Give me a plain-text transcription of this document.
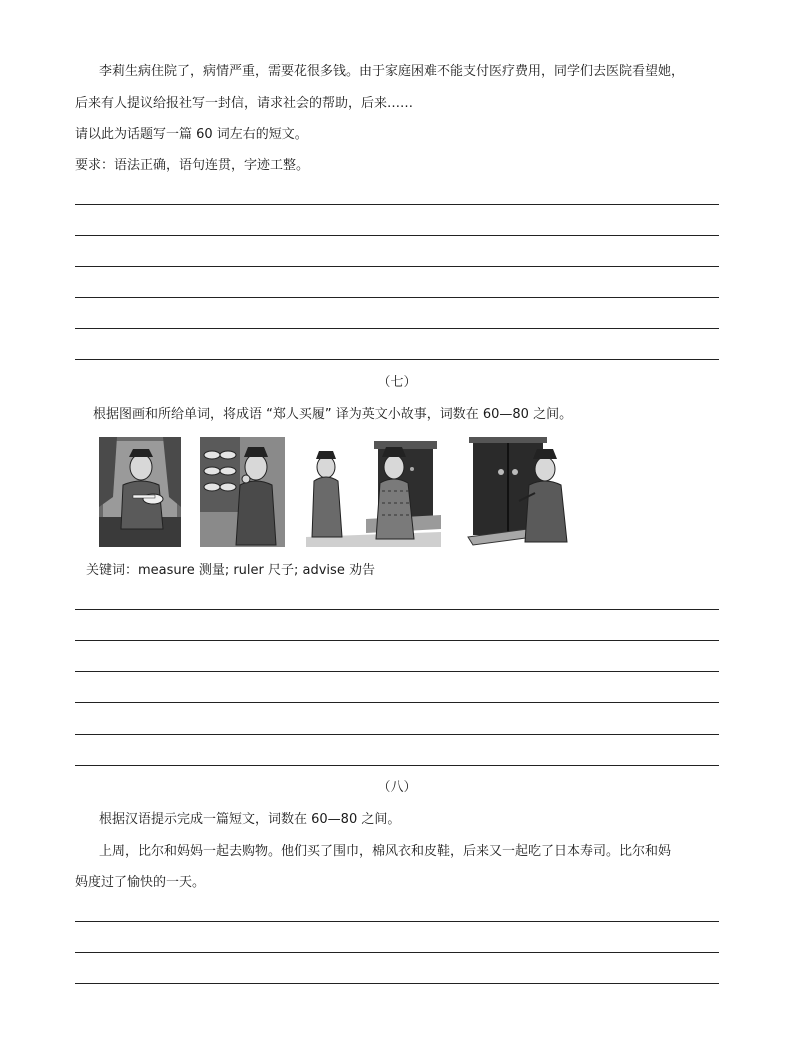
李莉生病住院了，病情严重，需要花很多钱。由于家庭困难不能支付医疗费用，同学们去医院看望她，
后来有人提议给报社写一封信，请求社会的帮助，后来……
请以此为话题写一篇 60 词左右的短文。
要求：语法正确，语句连贯，字迹工整。
（七）
根据图画和所给单词，将成语 “郑人买履” 译为英文小故事，词数在 60—80 之间。
关键词：measure 测量; ruler 尺子; advise 劝告
（八）
根据汉语提示完成一篇短文，词数在 60—80 之间。
上周，比尔和妈妈一起去购物。他们买了围巾，棉风衣和皮鞋，后来又一起吃了日本寿司。比尔和妈
妈度过了愉快的一天。
